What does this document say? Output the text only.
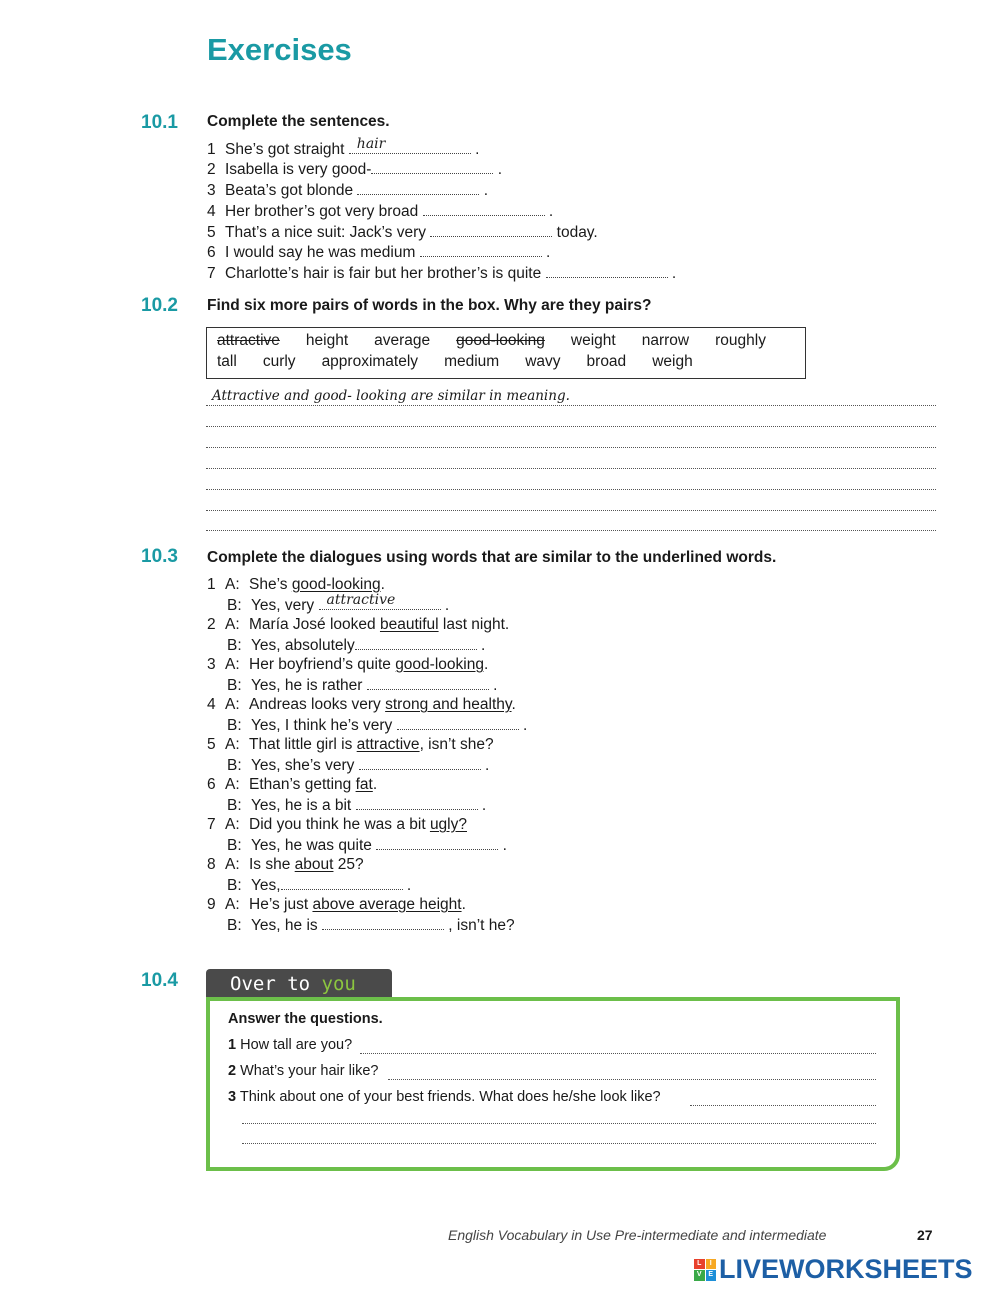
Exercises
10.1 Complete the sentences.
1 She’s got straight hair	.
2 Isabella is very good-	.
3 Beata’s got blonde	.
4 Her brother’s got very broad	.
5 That’s a nice suit: Jack’s very	today.
6 I would say he was medium	.
7 Charlotte’s hair is fair but her brother’s is quite	.
10.2 Find six more pairs of words in the box. Why are they pairs?
attractive height average good-looking weight narrow roughly
tall curly approximately medium wavy broad weigh
Attractive and good- looking are similar in meaning.
10.3 Complete the dialogues using words that are similar to the underlined words.
1 A: She’s good-looking.
B: Yes, very attractive	.
2 A: María José looked beautiful last night.
B: Yes, absolutely	.
3 A: Her boyfriend’s quite good-looking.
B: Yes, he is rather	.
4 A: Andreas looks very strong and healthy.
B: Yes, I think he’s very	.
5 A: That little girl is attractive, isn’t she?
B: Yes, she’s very	.
6 A: Ethan’s getting fat.
B: Yes, he is a bit	.
7 A: Did you think he was a bit ugly?
B: Yes, he was quite	.
8 A: Is she about 25?
B: Yes,	.
9 A: He’s just above average height.
B: Yes, he is	, isn’t he?
10.4	Over to you
Answer the questions.
1 How tall are you?
2 What’s your hair like?
3 Think about one of your best friends. What does he/she look like?
English Vocabulary in Use Pre-intermediate and intermediate	27
L	I
V E LIVEWORKSHEETS
